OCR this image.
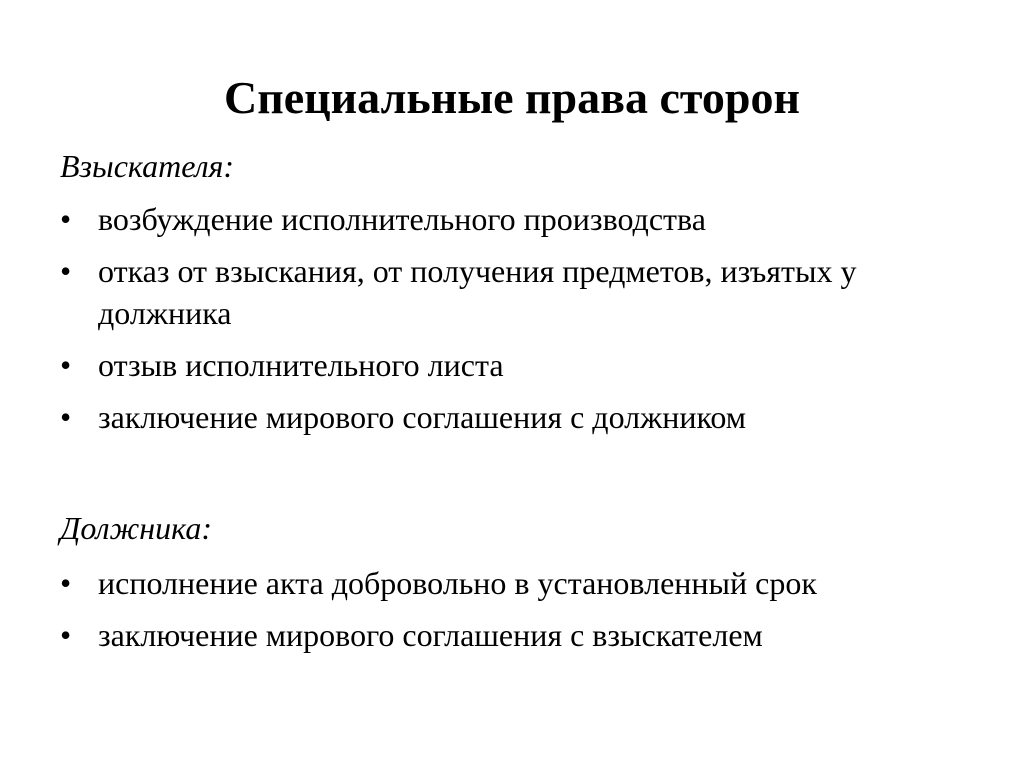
Специальные права сторон

Взыскателя:

• возбуждение исполнительного производства
• отказ от взыскания, от получения предметов, изъятых у должника
• отзыв исполнительного листа
• заключение мирового соглашения с должником

Должника:

• исполнение акта добровольно в установленный срок
• заключение мирового соглашения с взыскателем
